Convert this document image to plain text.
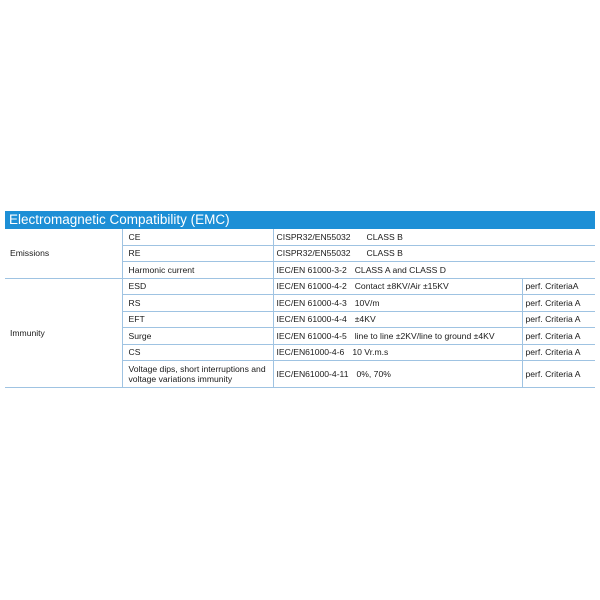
Electromagnetic Compatibility (EMC)
Emissions	CE	CISPR32/EN55032 CLASS B	
	RE	CISPR32/EN55032 CLASS B	
	Harmonic current	IEC/EN 61000-3-2 CLASS A and CLASS D	
Immunity	ESD	IEC/EN 61000-4-2 Contact ±8KV/Air ±15KV	perf. CriteriaA
	RS	IEC/EN 61000-4-3 10V/m	perf. Criteria A
	EFT	IEC/EN 61000-4-4 ±4KV	perf. Criteria A
	Surge	IEC/EN 61000-4-5 line to line ±2KV/line to ground ±4KV	perf. Criteria A
	CS	IEC/EN61000-4-6 10 Vr.m.s	perf. Criteria A

	Voltage dips, short interruptions and voltage variations immunity	IEC/EN61000-4-11 0%, 70%	perf. Criteria A
